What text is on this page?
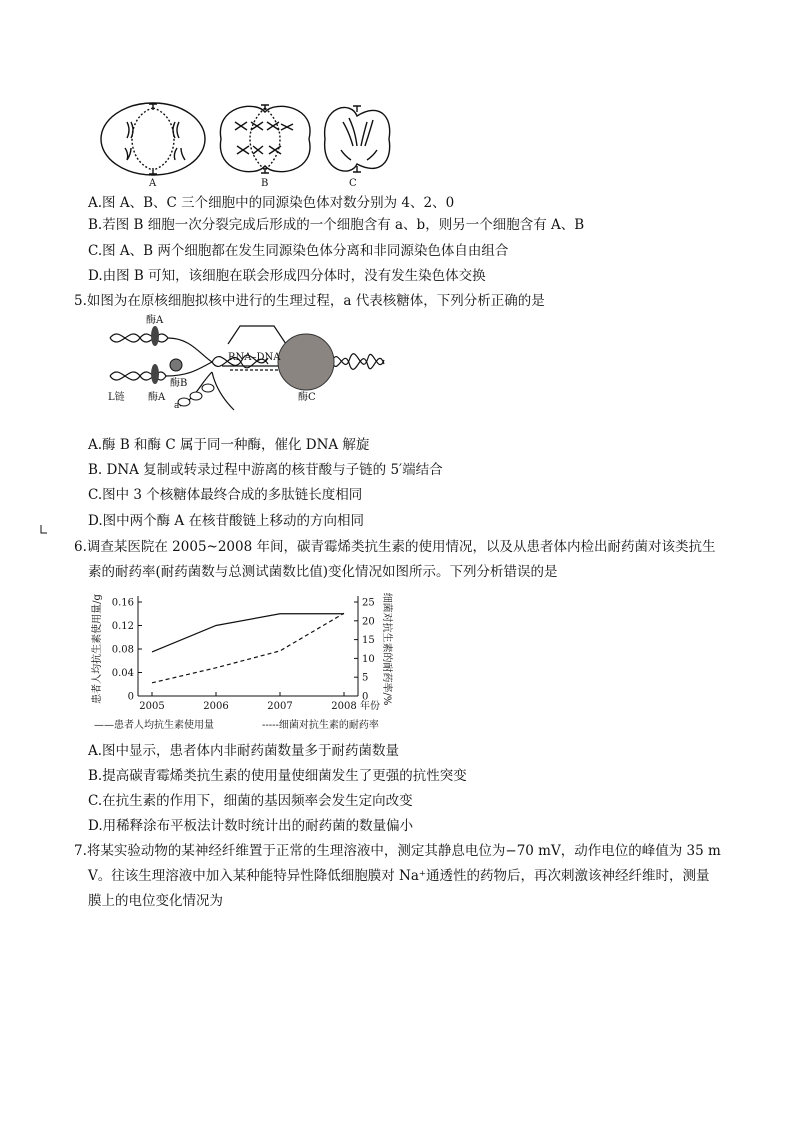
A	B	C
A.图 A、B、C 三个细胞中的同源染色体对数分别为 4、2、0
B.若图 B 细胞一次分裂完成后形成的一个细胞含有 a、b，则另一个细胞含有 A、B
C.图 A、B 两个细胞都在发生同源染色体分离和非同源染色体自由组合
D.由图 B 可知，该细胞在联会形成四分体时，没有发生染色体交换
5.如图为在原核细胞拟核中进行的生理过程，a 代表核糖体，下列分析正确的是
酶A
酶A
酶B
酶C
RNA–DNA
L链
a
A.酶 B 和酶 C 属于同一种酶，催化 DNA 解旋
B. DNA 复制或转录过程中游离的核苷酸与子链的 5′端结合
C.图中 3 个核糖体最终合成的多肽链长度相同
D.图中两个酶 A 在核苷酸链上移动的方向相同
6.调查某医院在 2005~2008 年间，碳青霉烯类抗生素的使用情况，以及从患者体内检出耐药菌对该类抗生
素的耐药率(耐药菌数与总测试菌数比值)变化情况如图所示。下列分析错误的是
0
0.04
0.08
0.12
0.16
0
5
10
15
20
25
2005	2006	2007	2008 年份
患者人均抗生素使用量/g	细菌对抗生素的耐药率/%
——患者人均抗生素使用量	-----细菌对抗生素的耐药率
A.图中显示，患者体内非耐药菌数量多于耐药菌数量
B.提高碳青霉烯类抗生素的使用量使细菌发生了更强的抗性突变
C.在抗生素的作用下，细菌的基因频率会发生定向改变
D.用稀释涂布平板法计数时统计出的耐药菌的数量偏小
7.将某实验动物的某神经纤维置于正常的生理溶液中，测定其静息电位为−70 mV，动作电位的峰值为 35 m
V。往该生理溶液中加入某种能特异性降低细胞膜对 Na⁺通透性的药物后，再次刺激该神经纤维时，测量
膜上的电位变化情况为
